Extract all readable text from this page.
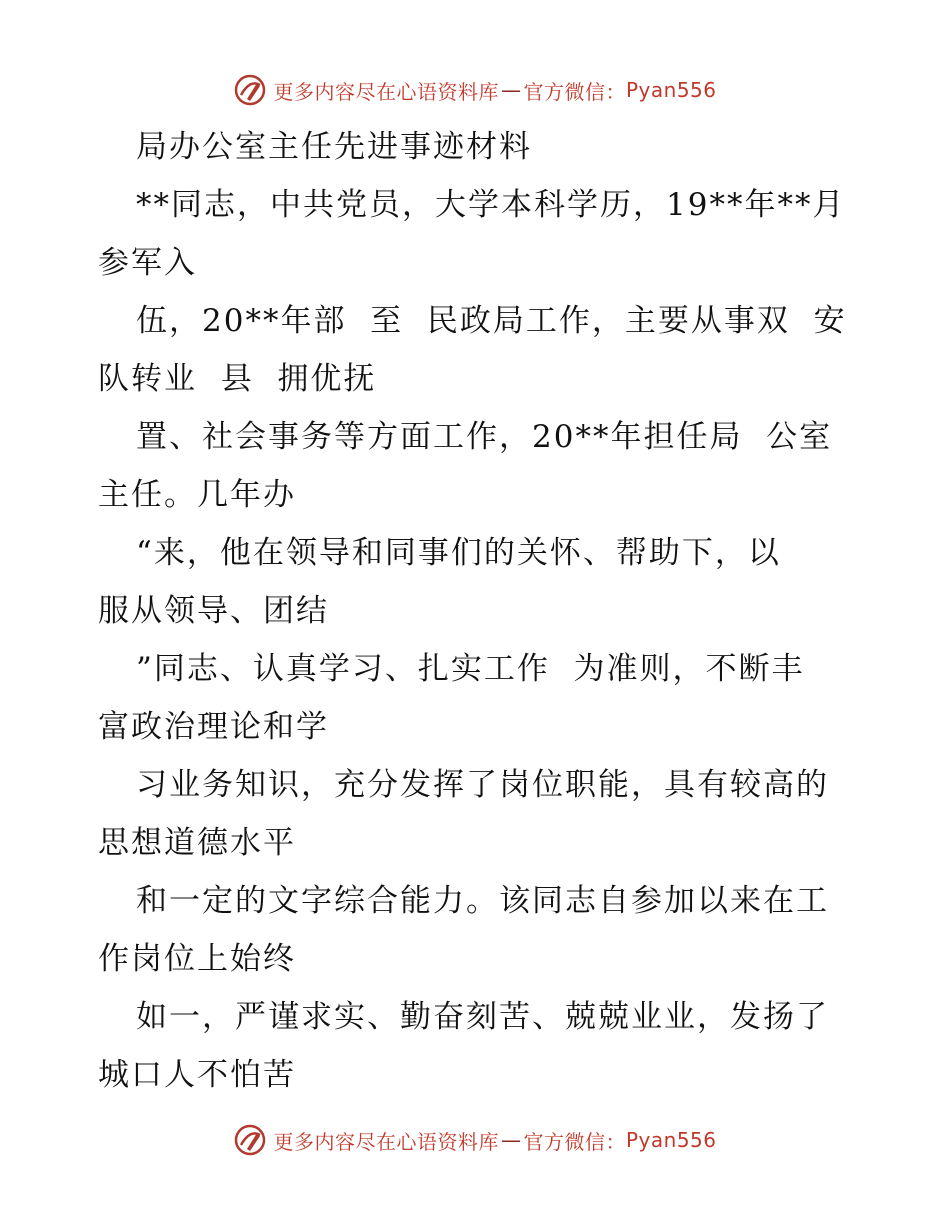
更多内容尽在心语资料库 — 官方微信： Pyan556
局办公室主任先进事迹材料
**同志，中共党员，大学本科学历，19**年**月
参军入
伍，20**年部  至  民政局工作，主要从事双  安
队转业  县  拥优抚
置、社会事务等方面工作，20**年担任局  公室
主任。几年办
“来，他在领导和同事们的关怀、帮助下，以
服从领导、团结
”同志、认真学习、扎实工作  为准则，不断丰
富政治理论和学
习业务知识，充分发挥了岗位职能，具有较高的
思想道德水平
和一定的文字综合能力。该同志自参加以来在工
作岗位上始终
如一，严谨求实、勤奋刻苦、兢兢业业，发扬了
城口人不怕苦
更多内容尽在心语资料库 — 官方微信： Pyan556
